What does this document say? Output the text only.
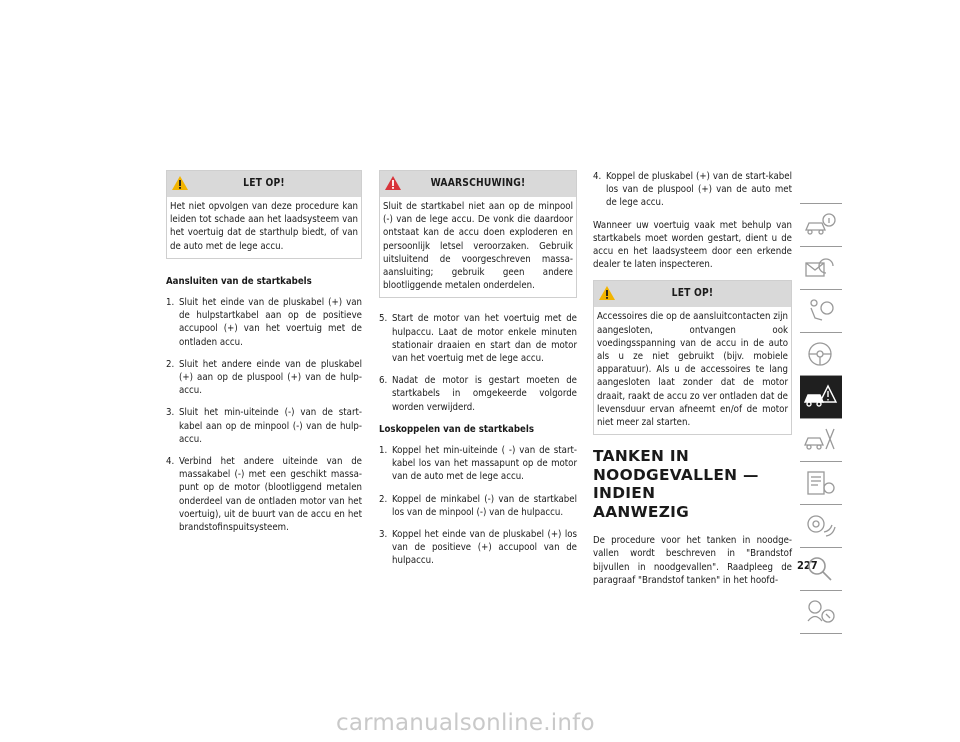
LET OP!
Het niet opvolgen van deze procedure kan leiden tot schade aan het laadsysteem van het voertuig dat de starthulp biedt, of van de auto met de lege accu.

Aansluiten van de startkabels

1. Sluit het einde van de pluskabel (+) van de hulpstartkabel aan op de positieve accupool (+) van het voertuig met de ontladen accu.
2. Sluit het andere einde van de pluskabel (+) aan op de pluspool (+) van de hulp-accu.
3. Sluit het min-uiteinde (-) van de start-kabel aan op de minpool (-) van de hulp-accu.
4. Verbind het andere uiteinde van de massakabel (-) met een geschikt massa-punt op de motor (blootliggend metalen onderdeel van de ontladen motor van het voertuig), uit de buurt van de accu en het brandstofinspuitsysteem.
WAARSCHUWING!
Sluit de startkabel niet aan op de minpool (-) van de lege accu. De vonk die daardoor ontstaat kan de accu doen exploderen en persoonlijk letsel veroorzaken. Gebruik uitsluitend de voorgeschreven massa-aansluiting; gebruik geen andere blootliggende metalen onderdelen.
5. Start de motor van het voertuig met de hulpaccu. Laat de motor enkele minuten stationair draaien en start dan de motor van het voertuig met de lege accu.
6. Nadat de motor is gestart moeten de startkabels in omgekeerde volgorde worden verwijderd.

Loskoppelen van de startkabels

1. Koppel het min-uiteinde ( -) van de start-kabel los van het massapunt op de motor van de auto met de lege accu.
2. Koppel de minkabel (-) van de startkabel los van de minpool (-) van de hulpaccu.
3. Koppel het einde van de pluskabel (+) los van de positieve (+) accupool van de hulpaccu.
4. Koppel de pluskabel (+) van de start-kabel los van de pluspool (+) van de auto met de lege accu.

Wanneer uw voertuig vaak met behulp van startkabels moet worden gestart, dient u de accu en het laadsysteem door een erkende dealer te laten inspecteren.

LET OP!
Accessoires die op de aansluitcontacten zijn aangesloten, ontvangen ook voedingsspanning van de accu in de auto als u ze niet gebruikt (bijv. mobiele apparatuur). Als u de accessoires te lang aangesloten laat zonder dat de motor draait, raakt de accu zo ver ontladen dat de levensduur ervan afneemt en/of de motor niet meer zal starten.
TANKEN IN
NOODGEVALLEN — INDIEN
AANWEZIG

De procedure voor het tanken in noodge-vallen wordt beschreven in "Brandstof bijvullen in noodgevallen". Raadpleeg de paragraaf "Brandstof tanken" in het hoofd-

227
carmanualsonline.info
